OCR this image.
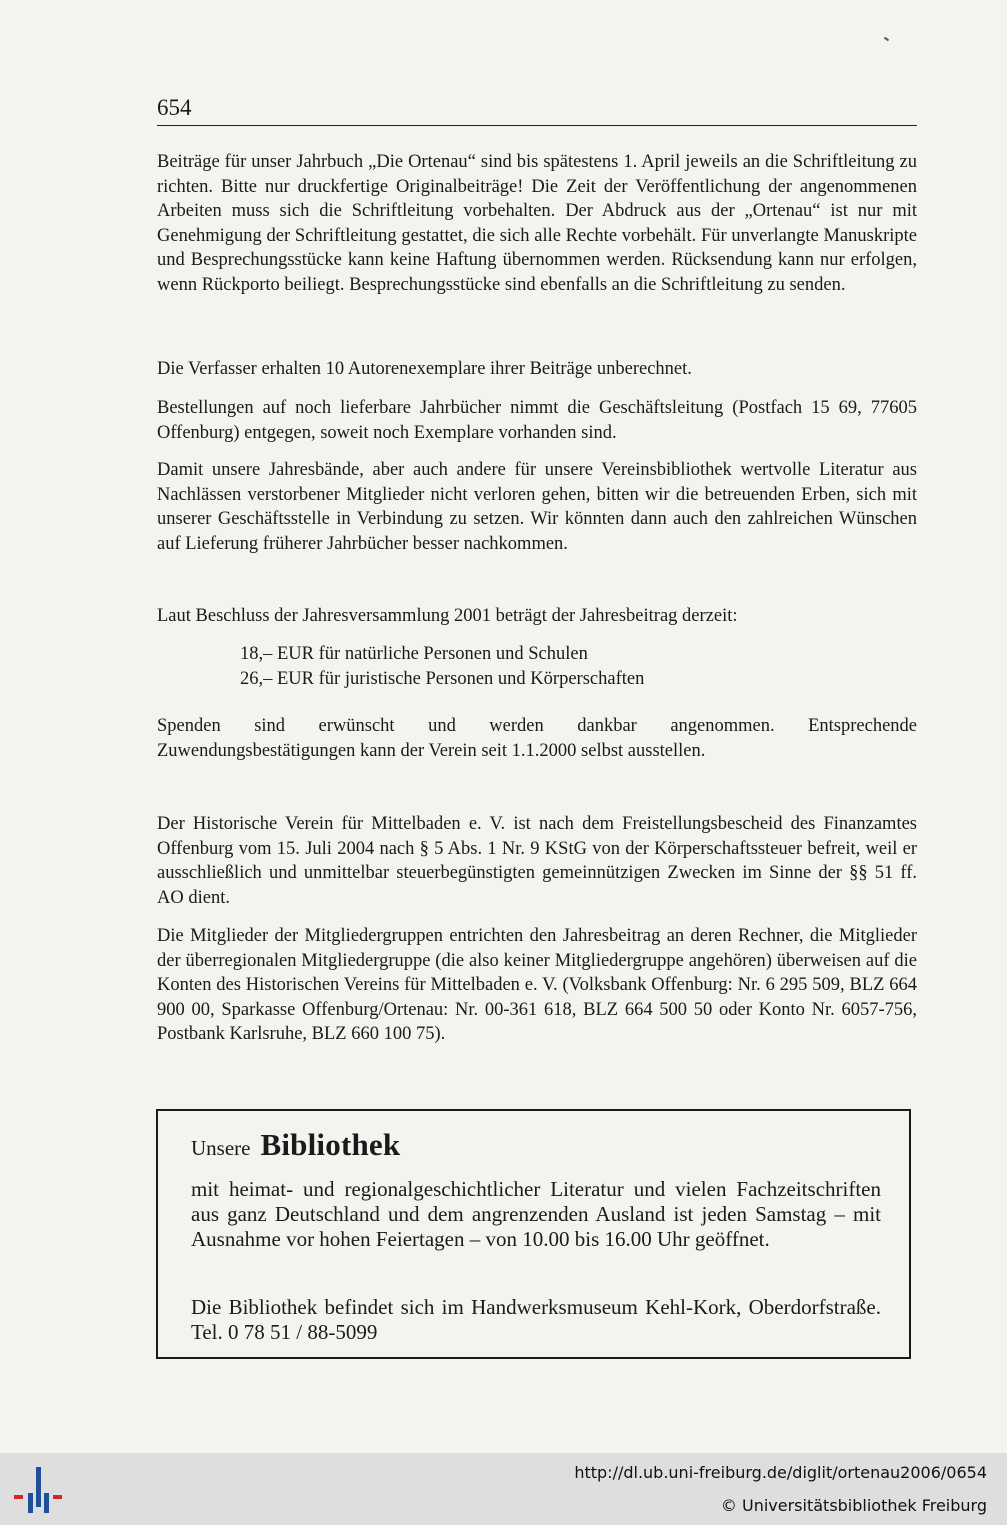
654

Beiträge für unser Jahrbuch „Die Ortenau“ sind bis spätestens 1. April jeweils an die Schriftleitung zu richten. Bitte nur druckfertige Originalbeiträge! Die Zeit der Veröffentlichung der angenommenen Arbeiten muss sich die Schriftleitung vorbehalten. Der Abdruck aus der „Ortenau“ ist nur mit Genehmigung der Schriftleitung gestattet, die sich alle Rechte vorbehält. Für unverlangte Manuskripte und Besprechungsstücke kann keine Haftung übernommen werden. Rücksendung kann nur erfolgen, wenn Rückporto beiliegt. Besprechungsstücke sind ebenfalls an die Schriftleitung zu senden.

Die Verfasser erhalten 10 Autorenexemplare ihrer Beiträge unberechnet.

Bestellungen auf noch lieferbare Jahrbücher nimmt die Geschäftsleitung (Postfach 15 69, 77605 Offenburg) entgegen, soweit noch Exemplare vorhanden sind.

Damit unsere Jahresbände, aber auch andere für unsere Vereinsbibliothek wertvolle Literatur aus Nachlässen verstorbener Mitglieder nicht verloren gehen, bitten wir die betreuenden Erben, sich mit unserer Geschäftsstelle in Verbindung zu setzen. Wir könnten dann auch den zahlreichen Wünschen auf Lieferung früherer Jahrbücher besser nachkommen.

Laut Beschluss der Jahresversammlung 2001 beträgt der Jahresbeitrag derzeit:

18,– EUR für natürliche Personen und Schulen
26,– EUR für juristische Personen und Körperschaften

Spenden sind erwünscht und werden dankbar angenommen. Entsprechende Zuwendungsbestätigungen kann der Verein seit 1.1.2000 selbst ausstellen.

Der Historische Verein für Mittelbaden e. V. ist nach dem Freistellungsbescheid des Finanzamtes Offenburg vom 15. Juli 2004 nach § 5 Abs. 1 Nr. 9 KStG von der Körperschaftssteuer befreit, weil er ausschließlich und unmittelbar steuerbegünstigten gemeinnützigen Zwecken im Sinne der §§ 51 ff. AO dient.

Die Mitglieder der Mitgliedergruppen entrichten den Jahresbeitrag an deren Rechner, die Mitglieder der überregionalen Mitgliedergruppe (die also keiner Mitgliedergruppe angehören) überweisen auf die Konten des Historischen Vereins für Mittelbaden e. V. (Volksbank Offenburg: Nr. 6 295 509, BLZ 664 900 00, Sparkasse Offenburg/Ortenau: Nr. 00-361 618, BLZ 664 500 50 oder Konto Nr. 6057-756, Postbank Karlsruhe, BLZ 660 100 75).

Unsere Bibliothek

mit heimat- und regionalgeschichtlicher Literatur und vielen Fachzeitschriften aus ganz Deutschland und dem angrenzenden Ausland ist jeden Samstag – mit Ausnahme vor hohen Feiertagen – von 10.00 bis 16.00 Uhr geöffnet.

Die Bibliothek befindet sich im Handwerksmuseum Kehl-Kork, Oberdorfstraße. Tel. 0 78 51 / 88-5099

http://dl.ub.uni-freiburg.de/diglit/ortenau2006/0654
© Universitätsbibliothek Freiburg
